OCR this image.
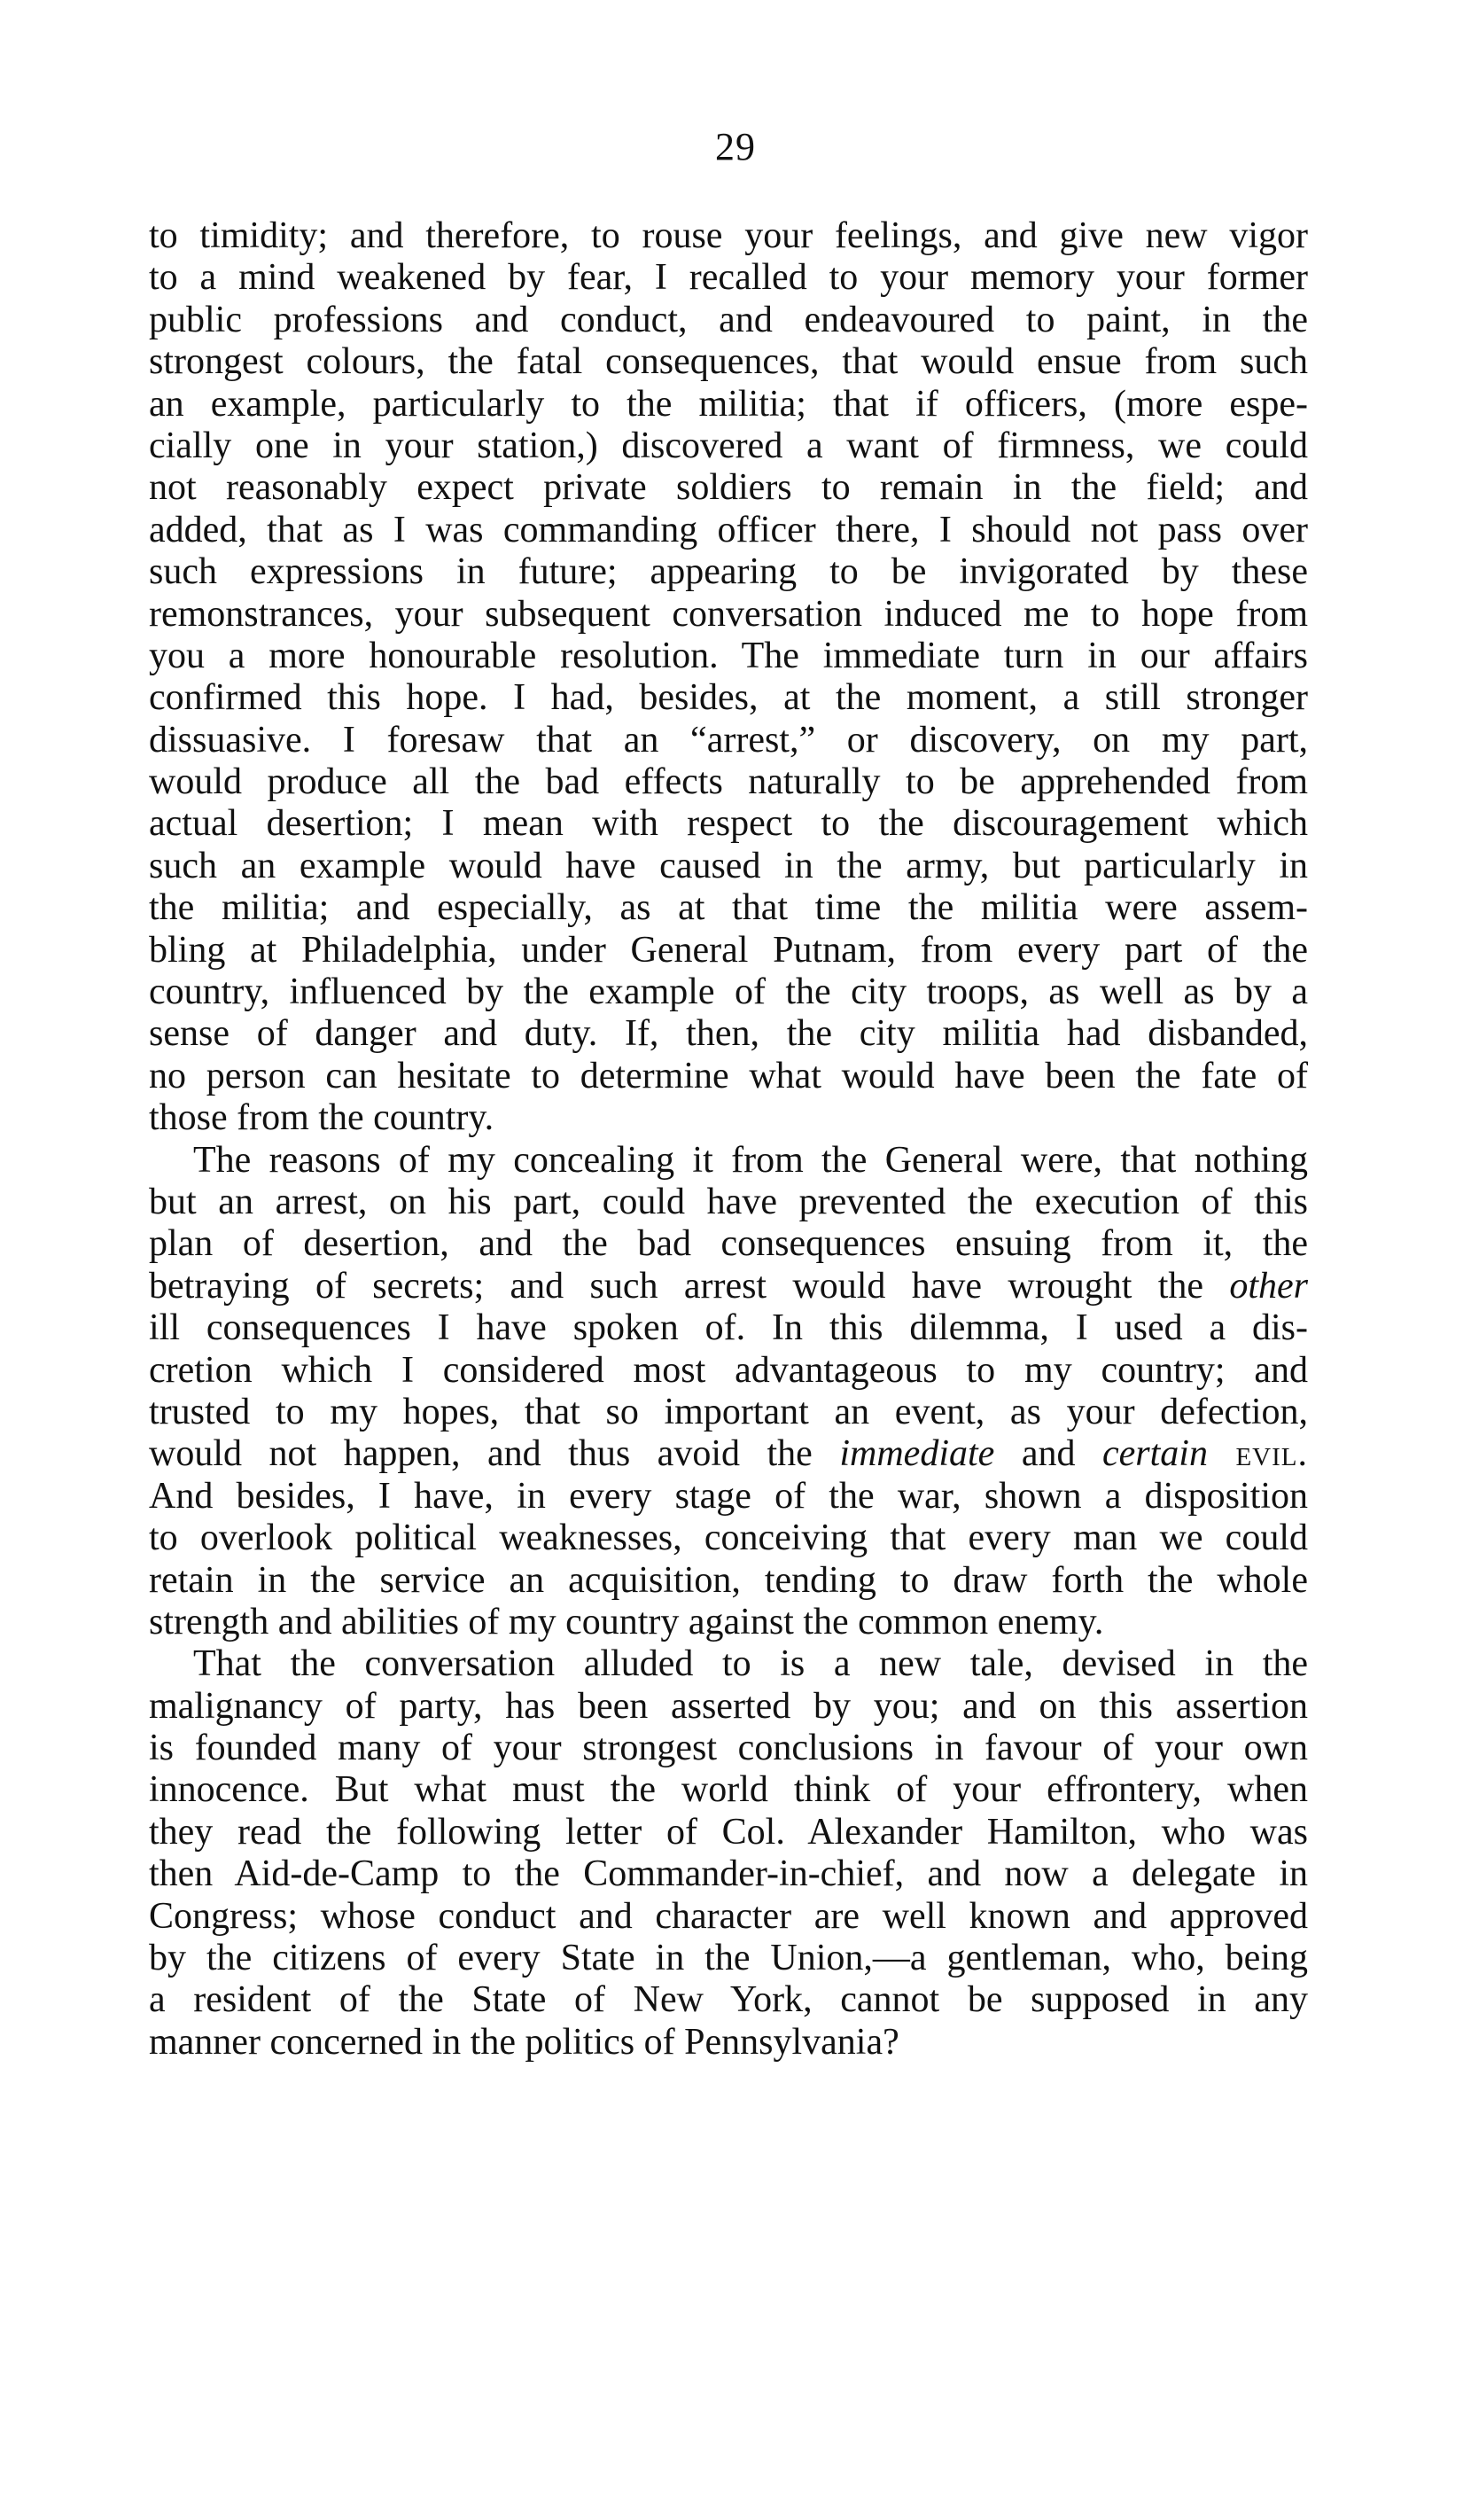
29
to timidity; and therefore, to rouse your feelings, and give new vigor
to a mind weakened by fear, I recalled to your memory your former
public professions and conduct, and endeavoured to paint, in the
strongest colours, the fatal consequences, that would ensue from such
an example, particularly to the militia; that if officers, (more espe-
cially one in your station,) discovered a want of firmness, we could
not reasonably expect private soldiers to remain in the field; and
added, that as I was commanding officer there, I should not pass over
such expressions in future; appearing to be invigorated by these
remonstrances, your subsequent conversation induced me to hope from
you a more honourable resolution. The immediate turn in our affairs
confirmed this hope. I had, besides, at the moment, a still stronger
dissuasive. I foresaw that an “arrest,” or discovery, on my part,
would produce all the bad effects naturally to be apprehended from
actual desertion; I mean with respect to the discouragement which
such an example would have caused in the army, but particularly in
the militia; and especially, as at that time the militia were assem-
bling at Philadelphia, under General Putnam, from every part of the
country, influenced by the example of the city troops, as well as by a
sense of danger and duty. If, then, the city militia had disbanded,
no person can hesitate to determine what would have been the fate of
those from the country.
The reasons of my concealing it from the General were, that nothing
but an arrest, on his part, could have prevented the execution of this
plan of desertion, and the bad consequences ensuing from it, the
betraying of secrets; and such arrest would have wrought the other
ill consequences I have spoken of. In this dilemma, I used a dis-
cretion which I considered most advantageous to my country; and
trusted to my hopes, that so important an event, as your defection,
would not happen, and thus avoid the immediate and certain evil.
And besides, I have, in every stage of the war, shown a disposition
to overlook political weaknesses, conceiving that every man we could
retain in the service an acquisition, tending to draw forth the whole
strength and abilities of my country against the common enemy.
That the conversation alluded to is a new tale, devised in the
malignancy of party, has been asserted by you; and on this assertion
is founded many of your strongest conclusions in favour of your own
innocence. But what must the world think of your effrontery, when
they read the following letter of Col. Alexander Hamilton, who was
then Aid-de-Camp to the Commander-in-chief, and now a delegate in
Congress; whose conduct and character are well known and approved
by the citizens of every State in the Union,—a gentleman, who, being
a resident of the State of New York, cannot be supposed in any
manner concerned in the politics of Pennsylvania?
